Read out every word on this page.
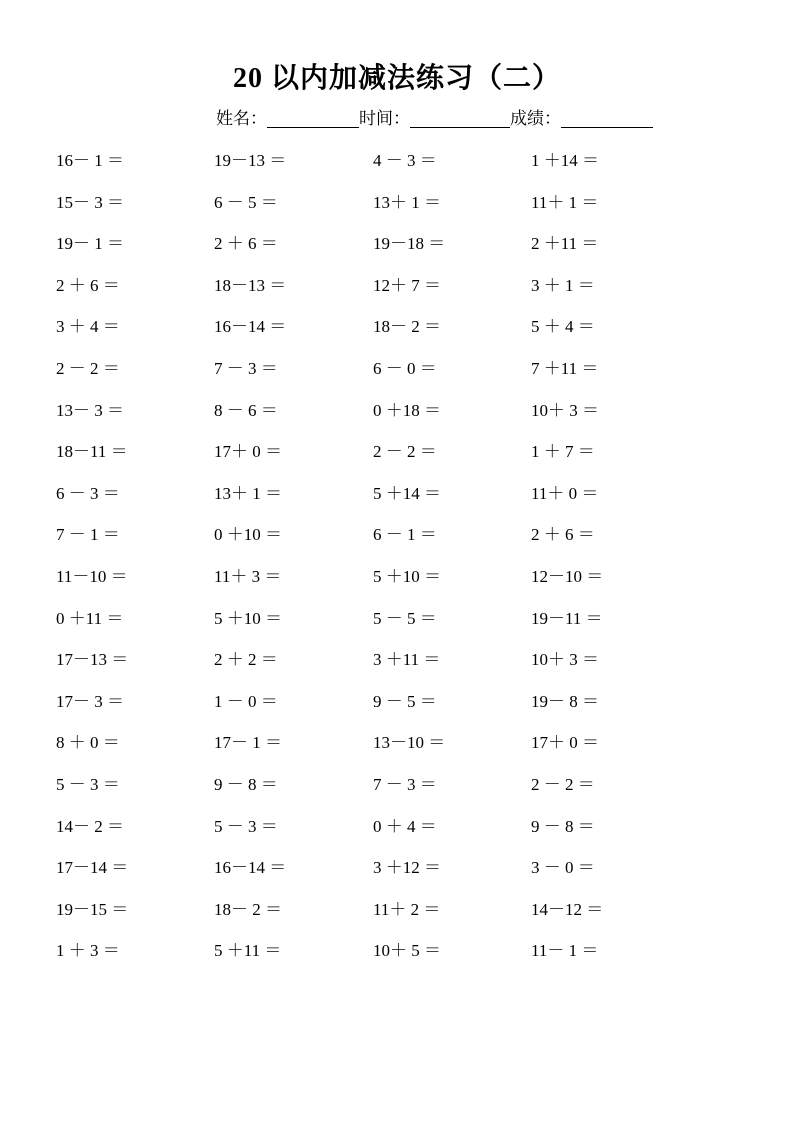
20 以内加减法练习（二）
姓名：	时间：	成绩：
16－ 1 ＝
15－ 3 ＝
19－ 1 ＝
2 ＋ 6 ＝
3 ＋ 4 ＝
2 － 2 ＝
13－ 3 ＝
18－11 ＝
6 － 3 ＝
7 － 1 ＝
11－10 ＝
0 ＋11 ＝
17－13 ＝
17－ 3 ＝
8 ＋ 0 ＝
5 － 3 ＝
14－ 2 ＝
17－14 ＝
19－15 ＝
1 ＋ 3 ＝
19－13 ＝
6 － 5 ＝
2 ＋ 6 ＝
18－13 ＝
16－14 ＝
7 － 3 ＝
8 － 6 ＝
17＋ 0 ＝
13＋ 1 ＝
0 ＋10 ＝
11＋ 3 ＝
5 ＋10 ＝
2 ＋ 2 ＝
1 － 0 ＝
17－ 1 ＝
9 － 8 ＝
5 － 3 ＝
16－14 ＝
18－ 2 ＝
5 ＋11 ＝
4 － 3 ＝
13＋ 1 ＝
19－18 ＝
12＋ 7 ＝
18－ 2 ＝
6 － 0 ＝
0 ＋18 ＝
2 － 2 ＝
5 ＋14 ＝
6 － 1 ＝
5 ＋10 ＝
5 － 5 ＝
3 ＋11 ＝
9 － 5 ＝
13－10 ＝
7 － 3 ＝
0 ＋ 4 ＝
3 ＋12 ＝
11＋ 2 ＝
10＋ 5 ＝
1 ＋14 ＝
11＋ 1 ＝
2 ＋11 ＝
3 ＋ 1 ＝
5 ＋ 4 ＝
7 ＋11 ＝
10＋ 3 ＝
1 ＋ 7 ＝
11＋ 0 ＝
2 ＋ 6 ＝
12－10 ＝
19－11 ＝
10＋ 3 ＝
19－ 8 ＝
17＋ 0 ＝
2 － 2 ＝
9 － 8 ＝
3 － 0 ＝
14－12 ＝
11－ 1 ＝
